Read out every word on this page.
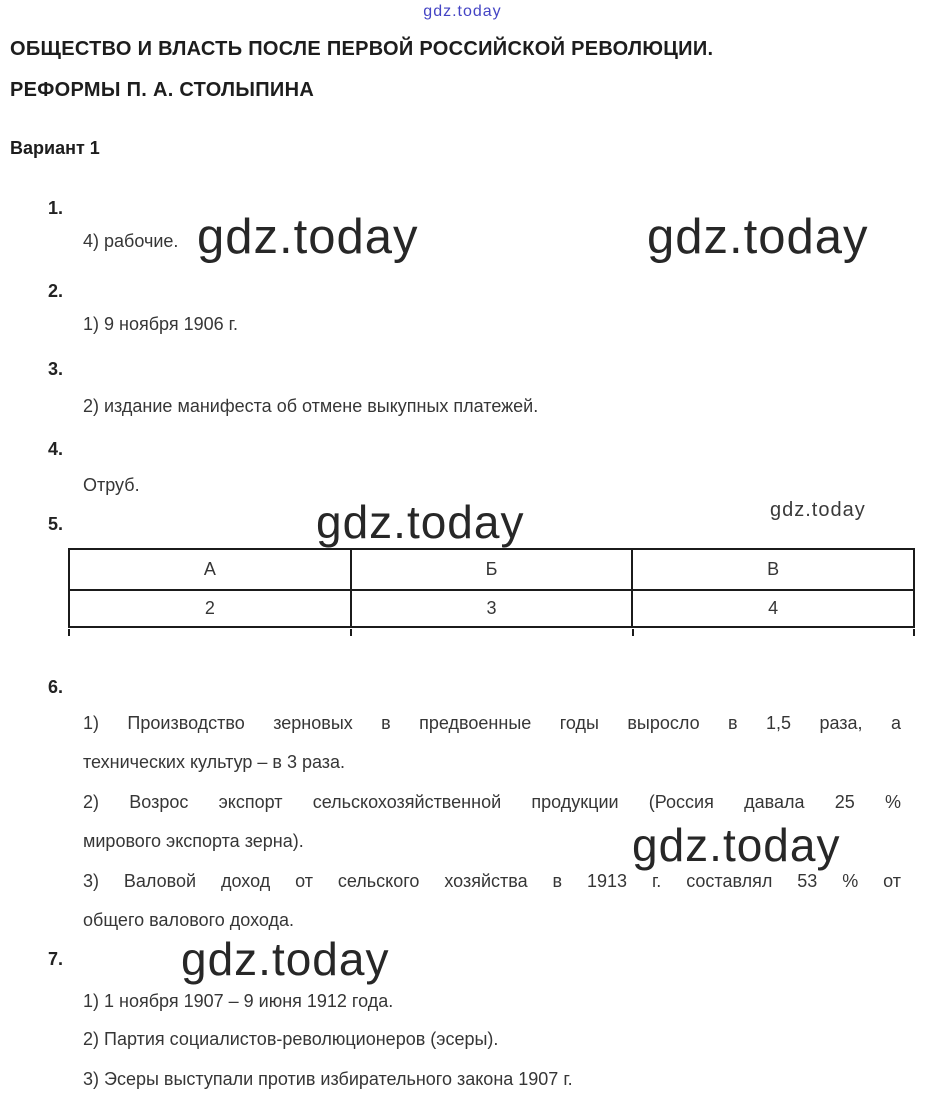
gdz.today
ОБЩЕСТВО И ВЛАСТЬ ПОСЛЕ ПЕРВОЙ РОССИЙСКОЙ РЕВОЛЮЦИИ.
РЕФОРМЫ П. А. СТОЛЫПИНА
Вариант 1
1.
4) рабочие. gdz.today	gdz.today
2.
1) 9 ноября 1906 г.
3.
2) издание манифеста об отмене выкупных платежей.
4.
Отруб.
5.	gdz.today	gdz.today
А	Б	В
2	3	4
6.
1) Производство зерновых в предвоенные годы выросло в 1,5 раза, а
технических культур – в 3 раза.
2) Возрос экспорт сельскохозяйственной продукции (Россия давала 25 %
мирового экспорта зерна).
3) Валовой доход от сельского хозяйства в 1913 г. составлял 53 % от
общего валового дохода.
gdz.today
7.	gdz.today
1) 1 ноября 1907 – 9 июня 1912 года.
2) Партия социалистов-революционеров (эсеры).
3) Эсеры выступали против избирательного закона 1907 г.
